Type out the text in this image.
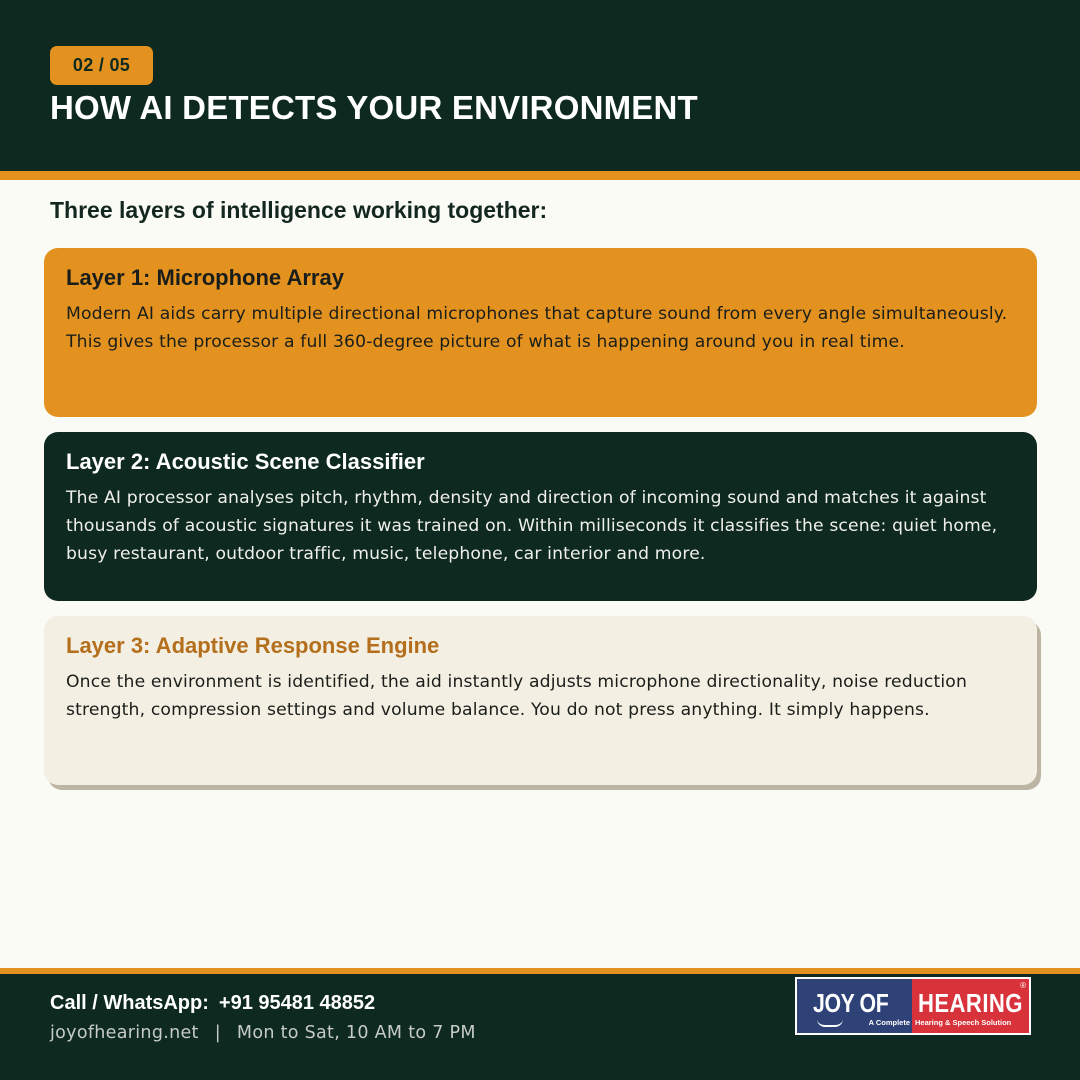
02 / 05
HOW AI DETECTS YOUR ENVIRONMENT
Three layers of intelligence working together:
Layer 1: Microphone Array
Modern AI aids carry multiple directional microphones that capture sound from every angle simultaneously. This gives the processor a full 360-degree picture of what is happening around you in real time.
Layer 2: Acoustic Scene Classifier
The AI processor analyses pitch, rhythm, density and direction of incoming sound and matches it against thousands of acoustic signatures it was trained on. Within milliseconds it classifies the scene: quiet home, busy restaurant, outdoor traffic, music, telephone, car interior and more.
Layer 3: Adaptive Response Engine
Once the environment is identified, the aid instantly adjusts microphone directionality, noise reduction strength, compression settings and volume balance. You do not press anything. It simply happens.
Call / WhatsApp: +91 95481 48852
joyofhearing.net | Mon to Sat, 10 AM to 7 PM
JOY OF
A Complete
HEARING
®
Hearing & Speech Solution
